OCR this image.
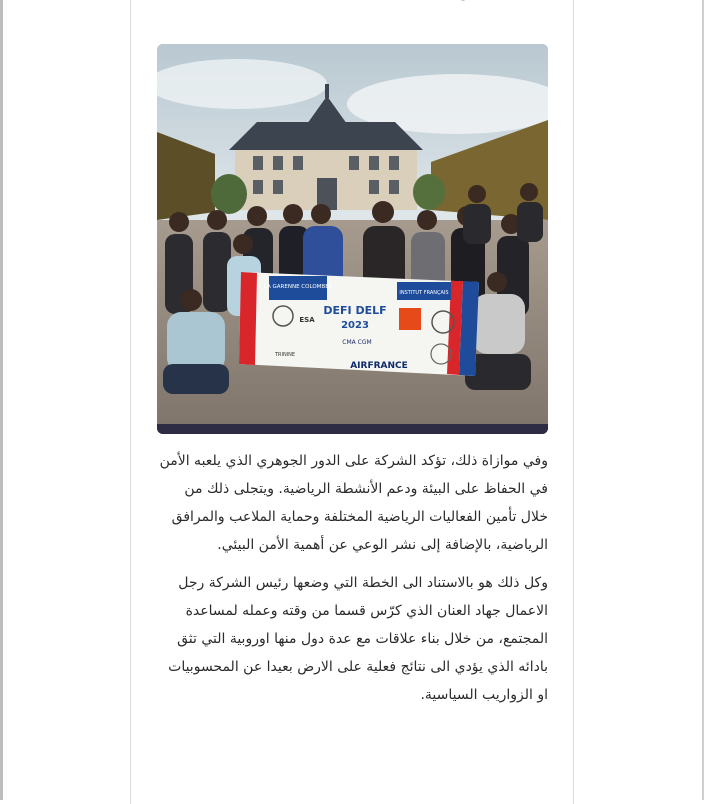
LA GARENNE COLOMBES
INSTITUT FRANÇAIS
DEFI DELF
2023
ESA
CMA CGM
TRININE
AIRFRANCE

وفي موازاة ذلك، تؤكد الشركة على الدور الجوهري الذي يلعبه الأمن في الحفاظ على البيئة ودعم الأنشطة الرياضية. ويتجلى ذلك من خلال تأمين الفعاليات الرياضية المختلفة وحماية الملاعب والمرافق الرياضية، بالإضافة إلى نشر الوعي عن أهمية الأمن البيئي.

وكل ذلك هو بالاستناد الى الخطة التي وضعها رئيس الشركة رجل الاعمال جهاد العنان الذي كرّس قسما من وقته وعمله لمساعدة المجتمع، من خلال بناء علاقات مع عدة دول منها اوروبية التي تثق بادائه الذي يؤدي الى نتائج فعلية على الارض بعيدا عن المحسوبيات او الزواريب السياسية.
